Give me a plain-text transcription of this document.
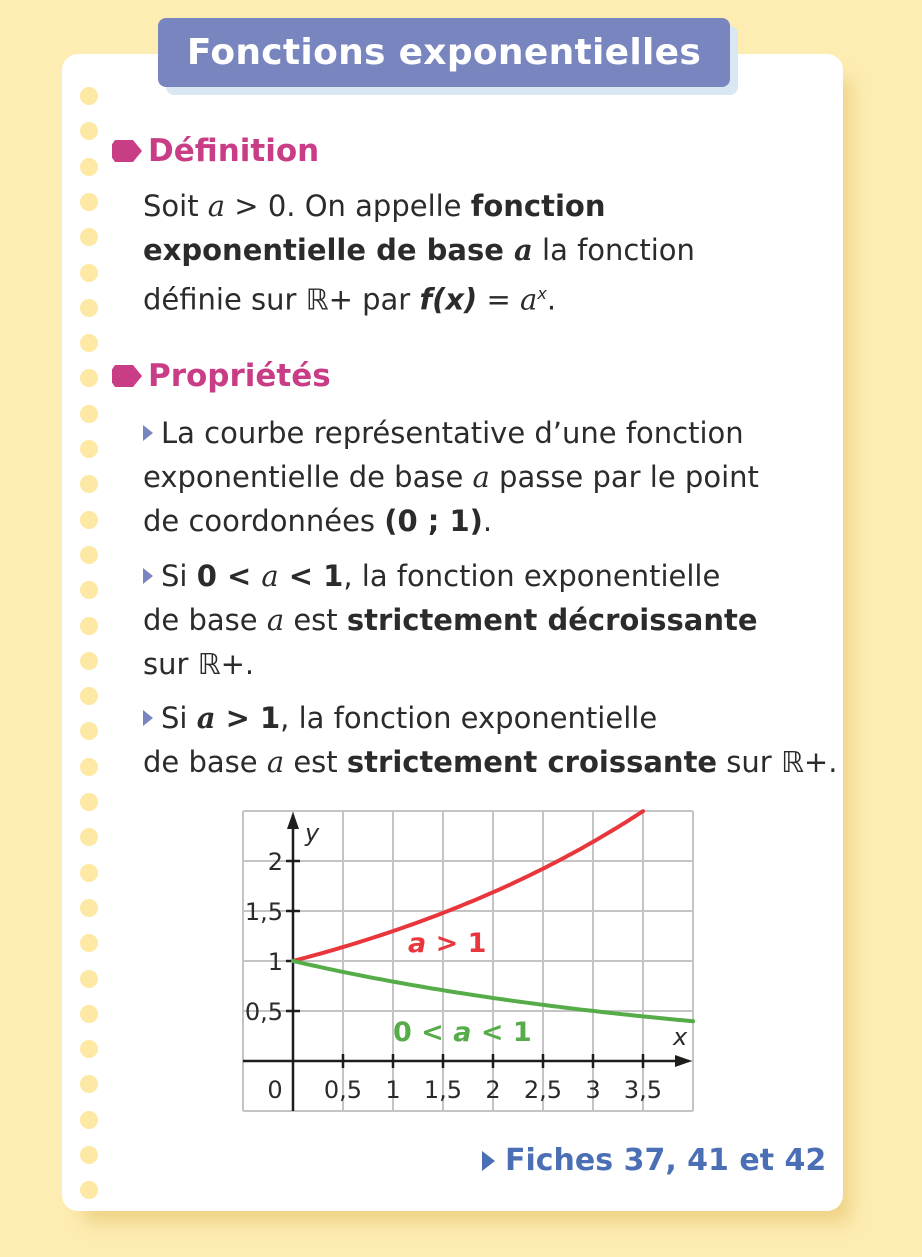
Fonctions exponentielles
Définition
Soit a > 0. On appelle fonction
exponentielle de base a la fonction
définie sur ℝ+ par $f(x) = a^x$.
Propriétés
La courbe représentative d’une fonction
exponentielle de base a passe par le point
de coordonnées (0 ; 1).
Si 0 < a < 1, la fonction exponentielle
de base a est strictement décroissante
sur ℝ+.
Si a > 1, la fonction exponentielle
de base a est strictement croissante sur ℝ+.
0,5 1 1,5 2 2,5 3 3,5
0,5
1
1,5
2
0
y
x
a > 1
0 < a < 1
Fiches 37, 41 et 42
